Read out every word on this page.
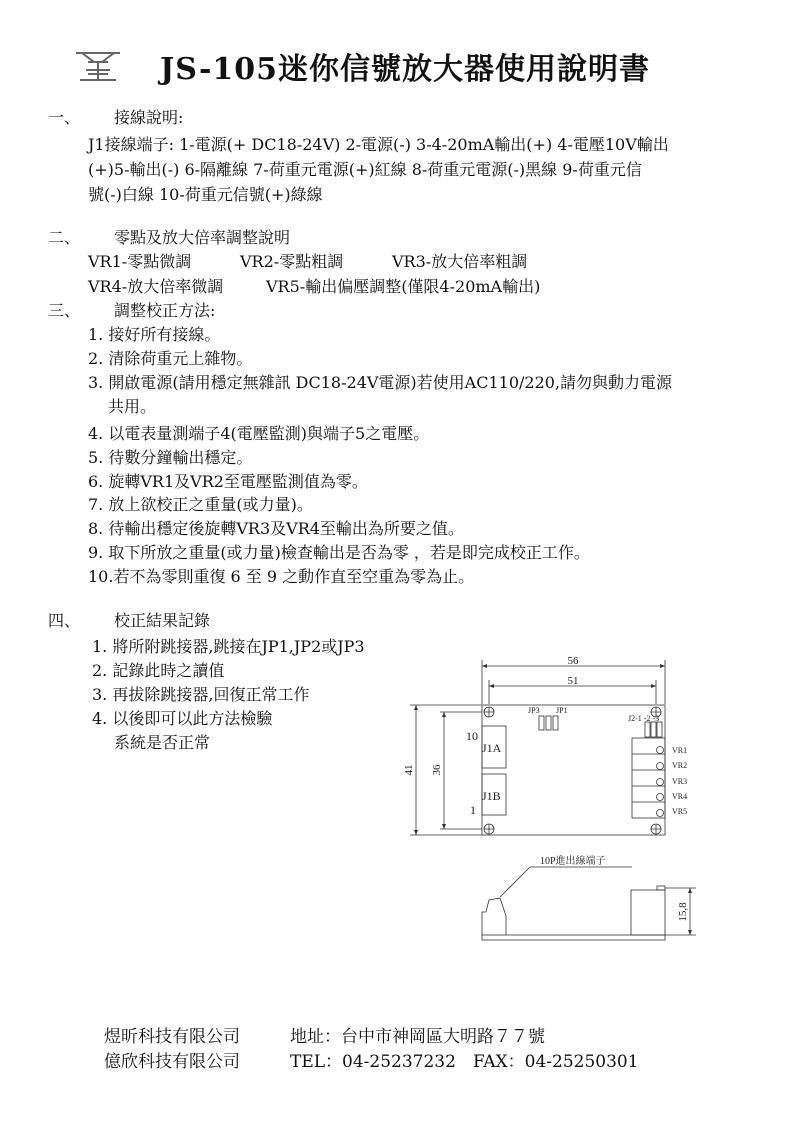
JS-105迷你信號放大器使用說明書
一、 接線說明:
J1接線端子: 1-電源(+ DC18-24V) 2-電源(-) 3-4-20mA輸出(+) 4-電壓10V輸出
(+)5-輸出(-) 6-隔離線 7-荷重元電源(+)紅線 8-荷重元電源(-)黑線 9-荷重元信
號(-)白線 10-荷重元信號(+)綠線
二、 零點及放大倍率調整說明
VR1-零點微調	VR2-零點粗調	VR3-放大倍率粗調
VR4-放大倍率微調	VR5-輸出偏壓調整(僅限4-20mA輸出)
三、 調整校正方法:
1. 接好所有接線。
2. 清除荷重元上雜物。
3. 開啟電源(請用穩定無雜訊 DC18-24V電源)若使用AC110/220,請勿與動力電源
共用。
4. 以電表量測端子4(電壓監測)與端子5之電壓。
5. 待數分鐘輸出穩定。
6. 旋轉VR1及VR2至電壓監測值為零。
7. 放上欲校正之重量(或力量)。
8. 待輸出穩定後旋轉VR3及VR4至輸出為所要之值。
9. 取下所放之重量(或力量)檢查輸出是否為零 ，若是即完成校正工作。
10.若不為零則重復 6 至 9 之動作直至空重為零為止。
四、 校正結果記錄
1. 將所附跳接器,跳接在JP1,JP2或JP3
2. 記錄此時之讀值
3. 再拔除跳接器,回復正常工作
4. 以後即可以此方法檢驗
系統是否正常
56
51
41 36
15,8
10
1
J1A
J1B
JP3 JP1
J2-1 -2 -3
VR1
VR2
VR3
VR4
VR5
10P進出線端子
煜昕科技有限公司	地址：台中市神岡區大明路７７號
億欣科技有限公司	TEL：04-25237232　FAX：04-25250301
